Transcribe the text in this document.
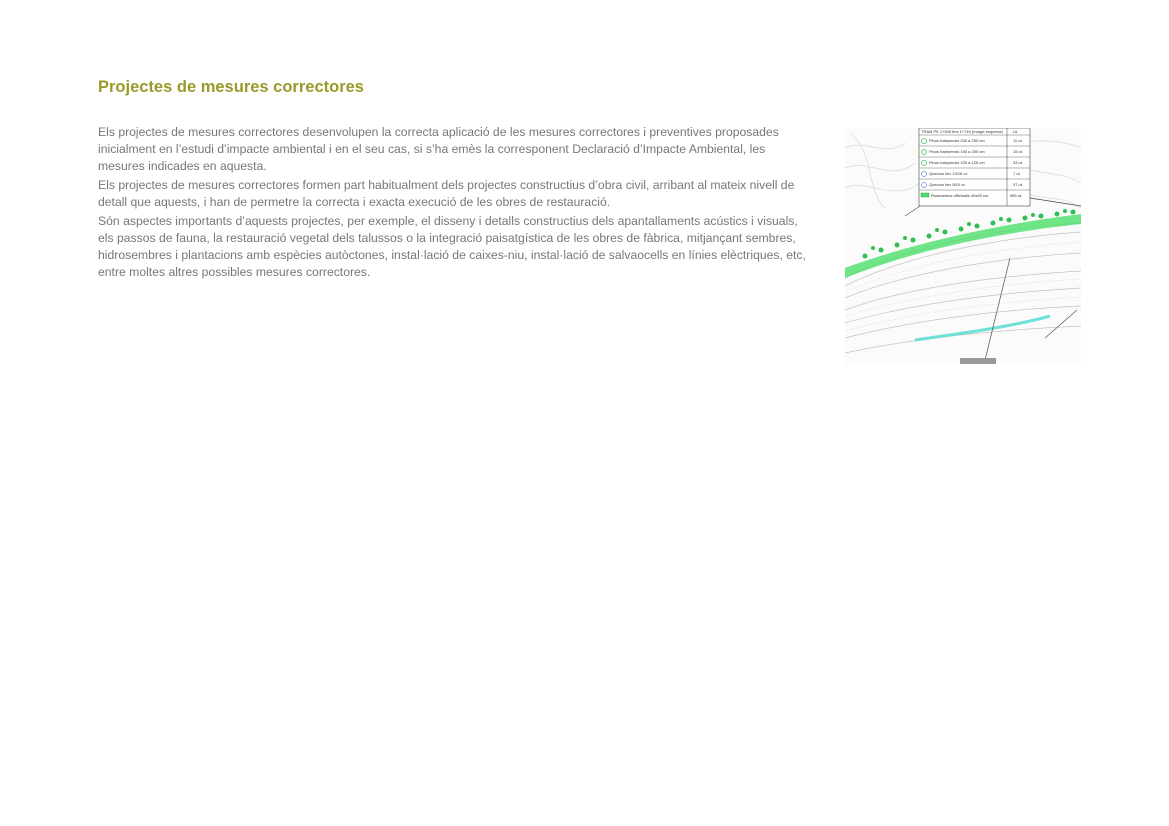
Projectes de mesures correctores

Els projectes de mesures correctores desenvolupen la correcta aplicació de les mesures correctores i preventives proposades inicialment en l’estudi d’impacte ambiental i en el seu cas, si s’ha emès la corresponent Declaració d’Impacte Ambiental, les mesures indicades en aquesta.

Els projectes de mesures correctores formen part habitualment dels projectes constructius d’obra civil, arribant al mateix nivell de detall que aquests, i han de permetre la correcta i exacta execució de les obres de restauració.

Són aspectes importants d’aquests projectes, per exemple, el disseny i detalls constructius dels apantallaments acústics i visuals, els passos de fauna, la restauració vegetal dels talussos o la integració paisatgística de les obres de fàbrica, mitjançant sembres, hidrosembres i plantacions amb espècies autòctones, instal·lació de caixes-niu, instal·lació de salvaocells en línies elèctriques, etc, entre moltes altres possibles mesures correctores.

TRAM PK 1+545 fins 1+740 (marge esquerra)	Ut.
Pinus halepensis 200 a 250 cm	11 ut.
Pinus halepensis 150 a 200 cm	15 ut.
Pinus halepensis 100 a 125 cm	33 ut.
Quercus ilex 10/16 cc	7 ut.
Quercus ilex 8/10 cc	37 ut.
Rosmarinus officinalis 40x60 cm	989 ut.
